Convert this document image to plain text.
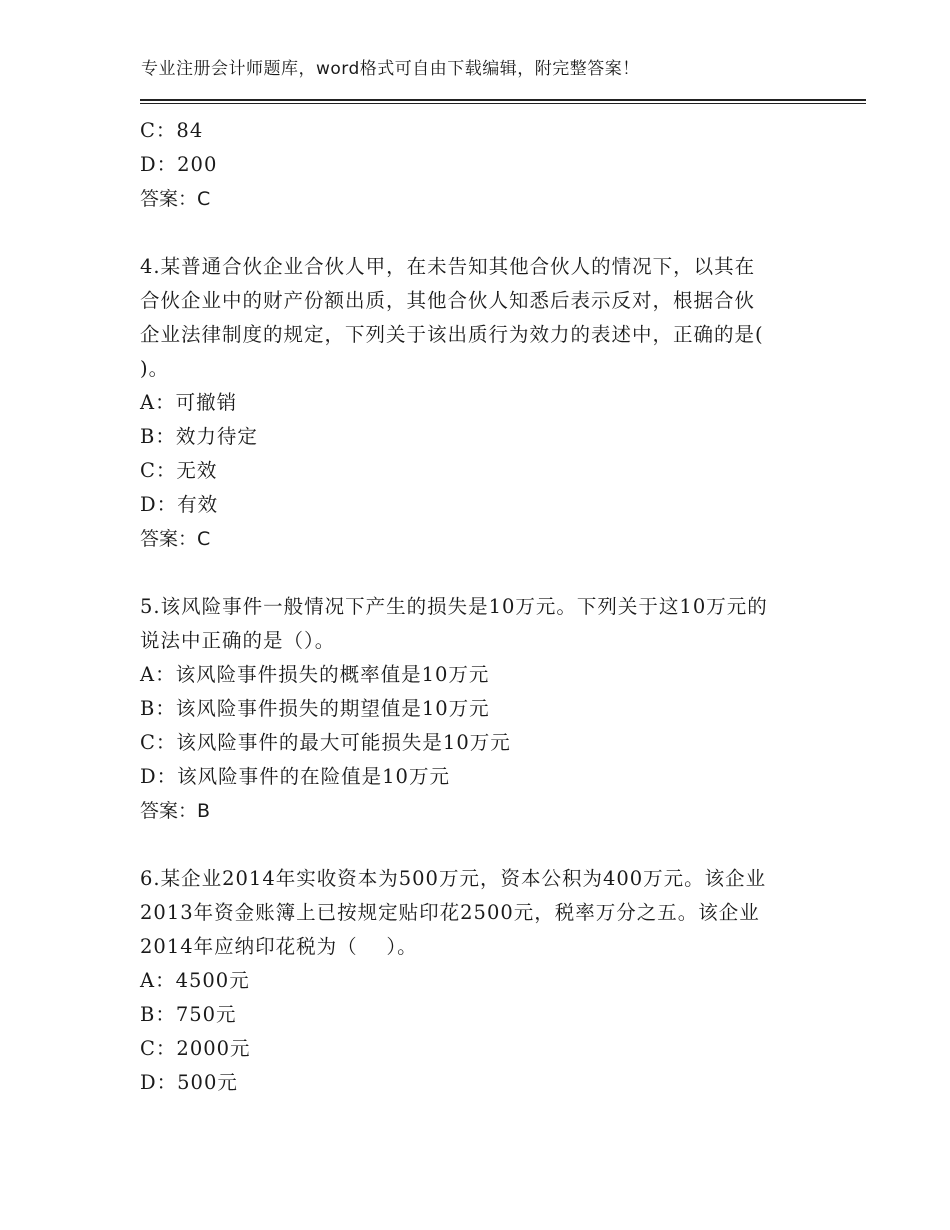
专业注册会计师题库，word格式可自由下载编辑，附完整答案！
C：84
D：200
答案：C
4.某普通合伙企业合伙人甲，在未告知其他合伙人的情况下，以其在
合伙企业中的财产份额出质，其他合伙人知悉后表示反对，根据合伙
企业法律制度的规定，下列关于该出质行为效力的表述中，正确的是(
)。
A：可撤销
B：效力待定
C：无效
D：有效
答案：C
5.该风险事件一般情况下产生的损失是10万元。下列关于这10万元的
说法中正确的是（）。
A：该风险事件损失的概率值是10万元
B：该风险事件损失的期望值是10万元
C：该风险事件的最大可能损失是10万元
D：该风险事件的在险值是10万元
答案：B
6.某企业2014年实收资本为500万元，资本公积为400万元。该企业
2013年资金账簿上已按规定贴印花2500元，税率万分之五。该企业
2014年应纳印花税为（    ）。
A：4500元
B：750元
C：2000元
D：500元
